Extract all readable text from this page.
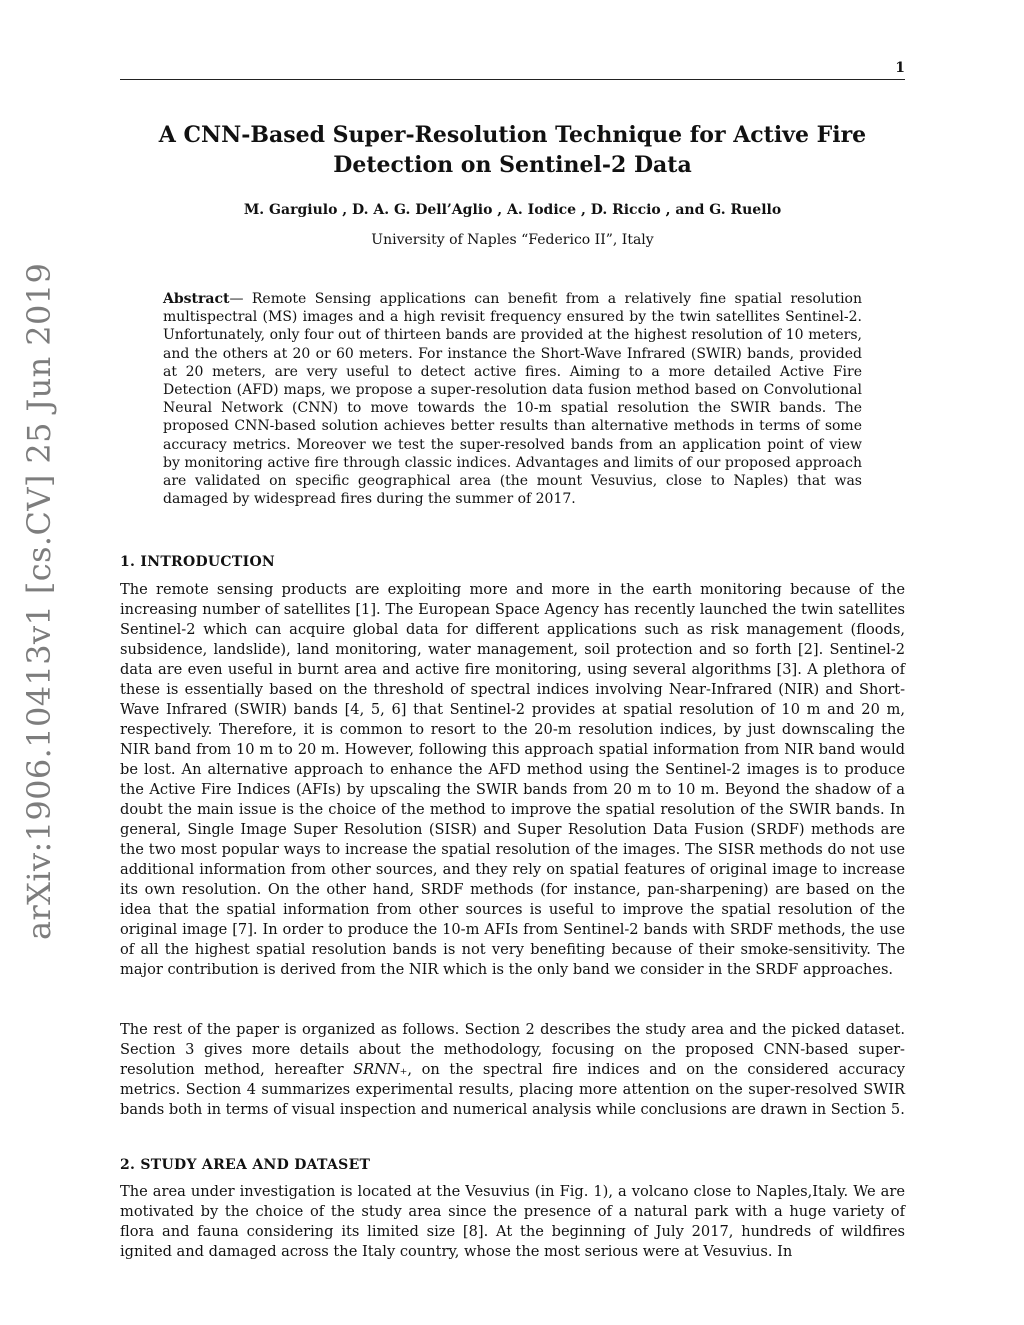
1
arXiv:1906.10413v1 [cs.CV] 25 Jun 2019
A CNN-Based Super-Resolution Technique for Active Fire Detection on Sentinel-2 Data
M. Gargiulo , D. A. G. Dell’Aglio , A. Iodice , D. Riccio , and G. Ruello
University of Naples “Federico II”, Italy

Abstract— Remote Sensing applications can benefit from a relatively fine spatial resolution multispectral (MS) images and a high revisit frequency ensured by the twin satellites Sentinel-2. Unfortunately, only four out of thirteen bands are provided at the highest resolution of 10 meters, and the others at 20 or 60 meters. For instance the Short-Wave Infrared (SWIR) bands, provided at 20 meters, are very useful to detect active fires. Aiming to a more detailed Active Fire Detection (AFD) maps, we propose a super-resolution data fusion method based on Convolutional Neural Network (CNN) to move towards the 10-m spatial resolution the SWIR bands. The proposed CNN-based solution achieves better results than alternative methods in terms of some accuracy metrics. Moreover we test the super-resolved bands from an application point of view by monitoring active fire through classic indices. Advantages and limits of our proposed approach are validated on specific geographical area (the mount Vesuvius, close to Naples) that was damaged by widespread fires during the summer of 2017.

1. INTRODUCTION

The remote sensing products are exploiting more and more in the earth monitoring because of the increasing number of satellites [1]. The European Space Agency has recently launched the twin satellites Sentinel-2 which can acquire global data for different applications such as risk management (floods, subsidence, landslide), land monitoring, water management, soil protection and so forth [2]. Sentinel-2 data are even useful in burnt area and active fire monitoring, using several algorithms [3]. A plethora of these is essentially based on the threshold of spectral indices involving Near-Infrared (NIR) and Short-Wave Infrared (SWIR) bands [4, 5, 6] that Sentinel-2 provides at spatial resolution of 10 m and 20 m, respectively. Therefore, it is common to resort to the 20-m resolution indices, by just downscaling the NIR band from 10 m to 20 m. However, following this approach spatial information from NIR band would be lost. An alternative approach to enhance the AFD method using the Sentinel-2 images is to produce the Active Fire Indices (AFIs) by upscaling the SWIR bands from 20 m to 10 m. Beyond the shadow of a doubt the main issue is the choice of the method to improve the spatial resolution of the SWIR bands. In general, Single Image Super Resolution (SISR) and Super Resolution Data Fusion (SRDF) methods are the two most popular ways to increase the spatial resolution of the images. The SISR methods do not use additional information from other sources, and they rely on spatial features of original image to increase its own resolution. On the other hand, SRDF methods (for instance, pan-sharpening) are based on the idea that the spatial information from other sources is useful to improve the spatial resolution of the original image [7]. In order to produce the 10-m AFIs from Sentinel-2 bands with SRDF methods, the use of all the highest spatial resolution bands is not very benefiting because of their smoke-sensitivity. The major contribution is derived from the NIR which is the only band we consider in the SRDF approaches.

The rest of the paper is organized as follows. Section 2 describes the study area and the picked dataset. Section 3 gives more details about the methodology, focusing on the proposed CNN-based super-resolution method, hereafter SRNN₊, on the spectral fire indices and on the considered accuracy metrics. Section 4 summarizes experimental results, placing more attention on the super-resolved SWIR bands both in terms of visual inspection and numerical analysis while conclusions are drawn in Section 5.

2. STUDY AREA AND DATASET

The area under investigation is located at the Vesuvius (in Fig. 1), a volcano close to Naples,Italy. We are motivated by the choice of the study area since the presence of a natural park with a huge variety of flora and fauna considering its limited size [8]. At the beginning of July 2017, hundreds of wildfires ignited and damaged across the Italy country, whose the most serious were at Vesuvius. In
